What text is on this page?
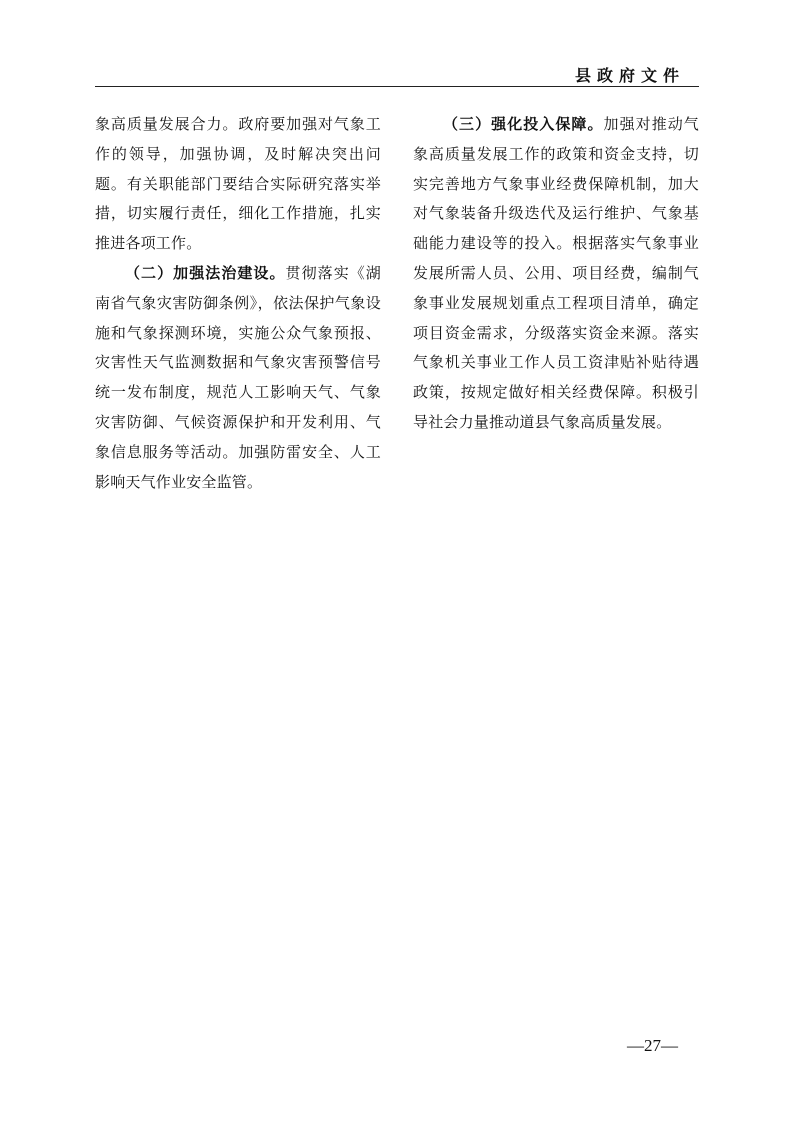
县政府文件

象高质量发展合力。政府要加强对气象工作的领导，加强协调，及时解决突出问题。有关职能部门要结合实际研究落实举措，切实履行责任，细化工作措施，扎实推进各项工作。

（二）加强法治建设。贯彻落实《湖南省气象灾害防御条例》，依法保护气象设施和气象探测环境，实施公众气象预报、灾害性天气监测数据和气象灾害预警信号统一发布制度，规范人工影响天气、气象灾害防御、气候资源保护和开发利用、气象信息服务等活动。加强防雷安全、人工影响天气作业安全监管。

（三）强化投入保障。加强对推动气象高质量发展工作的政策和资金支持，切实完善地方气象事业经费保障机制，加大对气象装备升级迭代及运行维护、气象基础能力建设等的投入。根据落实气象事业发展所需人员、公用、项目经费，编制气象事业发展规划重点工程项目清单，确定项目资金需求，分级落实资金来源。落实气象机关事业工作人员工资津贴补贴待遇政策，按规定做好相关经费保障。积极引导社会力量推动道县气象高质量发展。

—27—
